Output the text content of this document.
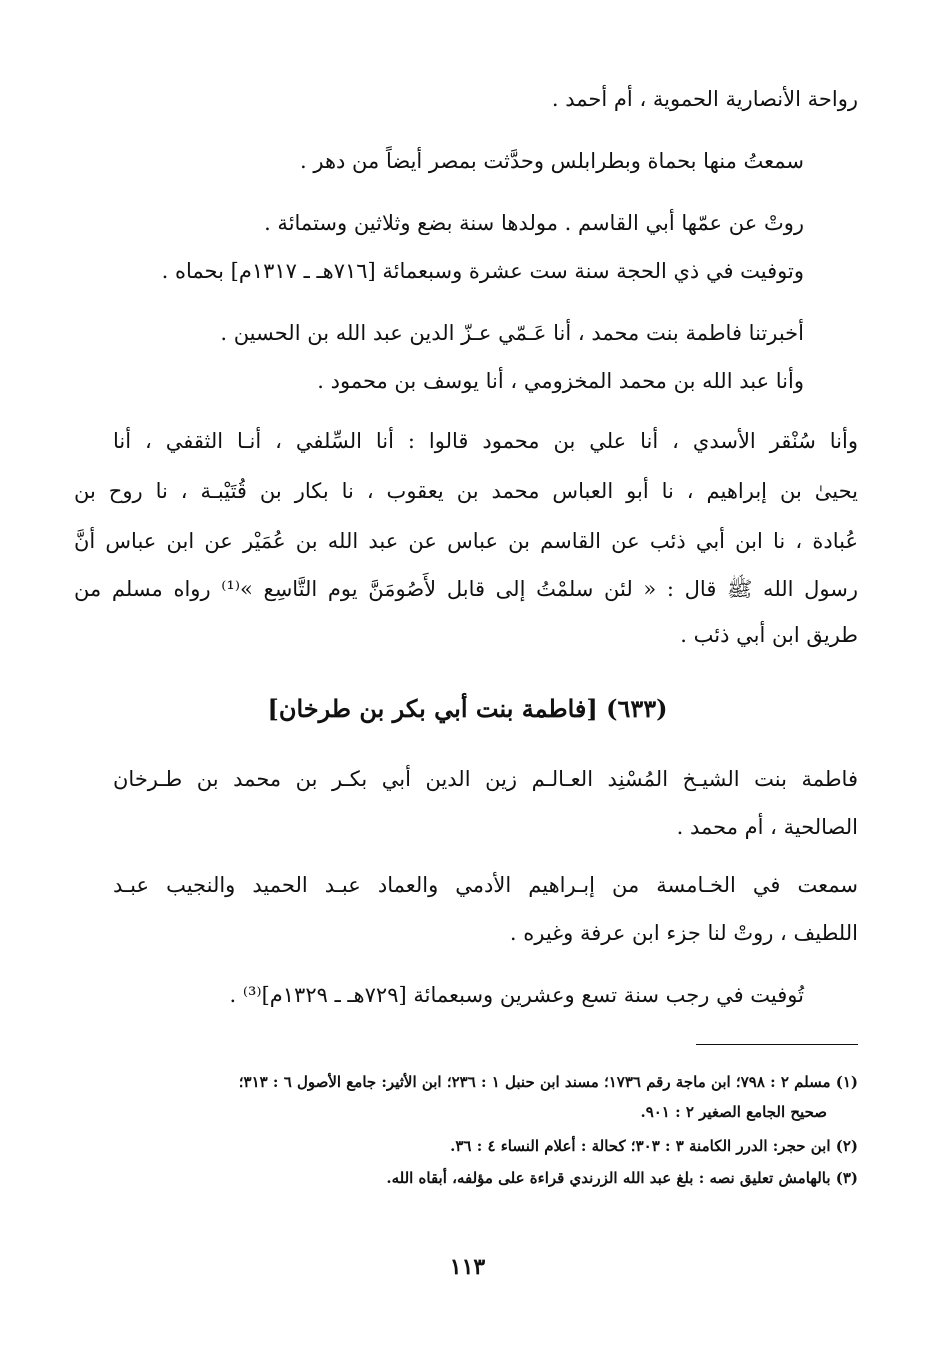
رواحة الأنصارية الحموية ، أم أحمد .
سمعتُ منها بحماة وبطرابلس وحدَّثت بمصر أيضاً من دهر .
روتْ عن عمّها أبي القاسم . مولدها سنة بضع وثلاثين وستمائة .
وتوفيت في ذي الحجة سنة ست عشرة وسبعمائة [٧١٦هـ ـ ١٣١٧م] بحماه .
أخبرتنا فاطمة بنت محمد ، أنا عَـمّي عـزّ الدين عبد الله بن الحسين .
وأنا عبد الله بن محمد المخزومي ، أنا يوسف بن محمود .
وأنا سُنْقر الأسدي ، أنا علي بن محمود قالوا : أنا السِّلفي ، أنـا الثقفي ، أنا
يحيىٰ بن إبراهيم ، نا أبو العباس محمد بن يعقوب ، نا بكار بن قُتَيْبـة ، نا روح بن
عُبادة ، نا ابن أبي ذئب عن القاسم بن عباس عن عبد الله بن عُمَيْر عن ابن عباس أنَّ
رسول الله ﷺ قال : « لئن سلمْتُ إلى قابل لأَصُومَنَّ يوم التَّاسِع »⁽¹⁾ رواه مسلم من
طريق ابن أبي ذئب .
(٦٣٣) [فاطمة بنت أبي بكر بن طرخان]
فاطمة بنت الشيـخ المُسْنِد العـالـم زين الدين أبي بكـر بن محمد بن طـرخان
الصالحية ، أم محمد .
سمعت في الخـامسة من إبـراهيم الأدمي والعماد عبـد الحميد والنجيب عبـد
اللطيف ، روتْ لنا جزء ابن عرفة وغيره .
تُوفيت في رجب سنة تسع وعشرين وسبعمائة [٧٢٩هـ ـ ١٣٢٩م]⁽³⁾ .
(١) مسلم ٢ : ٧٩٨؛ ابن ماجة رقم ١٧٣٦؛ مسند ابن حنبل ١ : ٢٣٦؛ ابن الأثير: جامع الأصول ٦ : ٣١٣؛
صحيح الجامع الصغير ٢ : ٩٠١.
(٢) ابن حجر: الدرر الكامنة ٣ : ٣٠٣؛ كحالة : أعلام النساء ٤ : ٣٦.
(٣) بالهامش تعليق نصه : بلغ عبد الله الزرندي قراءة على مؤلفه، أبقاه الله.
١١٣
